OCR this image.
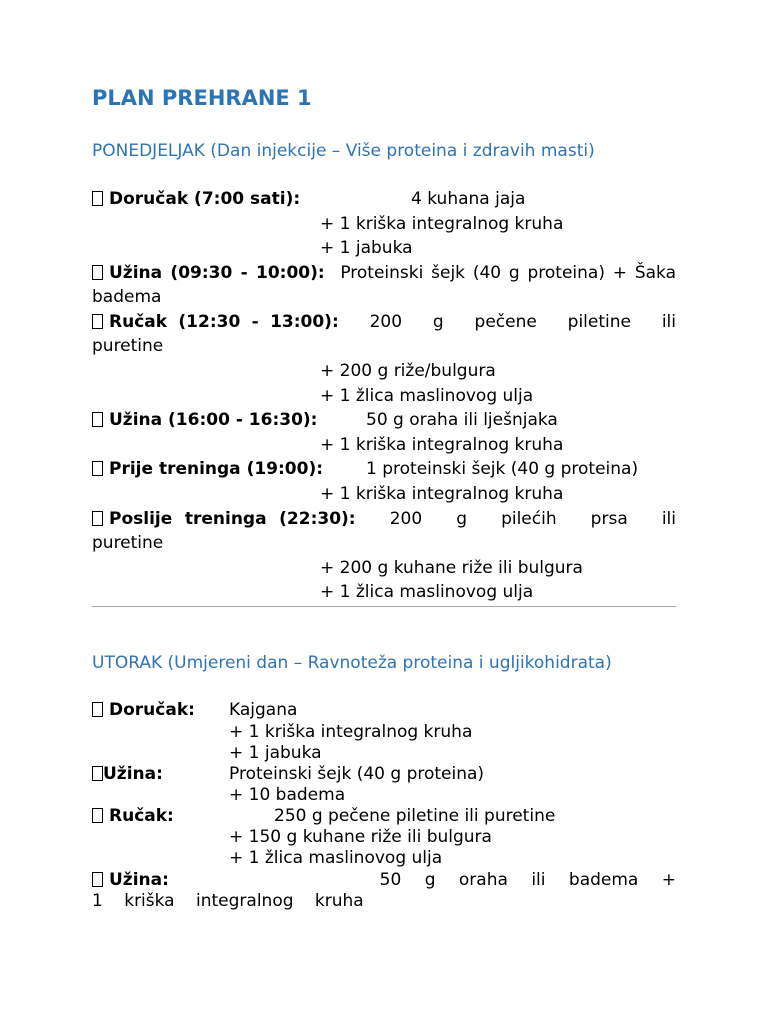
PLAN PREHRANE 1
PONEDJELJAK (Dan injekcije – Više proteina i zdravih masti)
Doručak (7:00 sati):	4 kuhana jaja
+ 1 kriška integralnog kruha
+ 1 jabuka
Užina (09:30 - 10:00): Proteinski šejk (40 g proteina) + Šaka badema
Ručak (12:30 - 13:00): 200 g pečene piletine ili puretine
+ 200 g riže/bulgura
+ 1 žlica maslinovog ulja
Užina (16:00 - 16:30):	50 g oraha ili lješnjaka
+ 1 kriška integralnog kruha
Prije treninga (19:00):	1 proteinski šejk (40 g proteina)
+ 1 kriška integralnog kruha
Poslije treninga (22:30): 200 g pilećih prsa ili puretine
+ 200 g kuhane riže ili bulgura
+ 1 žlica maslinovog ulja
UTORAK (Umjereni dan – Ravnoteža proteina i ugljikohidrata)
Doručak:	Kajgana
+ 1 kriška integralnog kruha
+ 1 jabuka
Užina:	Proteinski šejk (40 g proteina)
+ 10 badema
Ručak:	250 g pečene piletine ili puretine
+ 150 g kuhane riže ili bulgura
+ 1 žlica maslinovog ulja
Užina:	50 g oraha ili badema + 1 kriška integralnog kruha
